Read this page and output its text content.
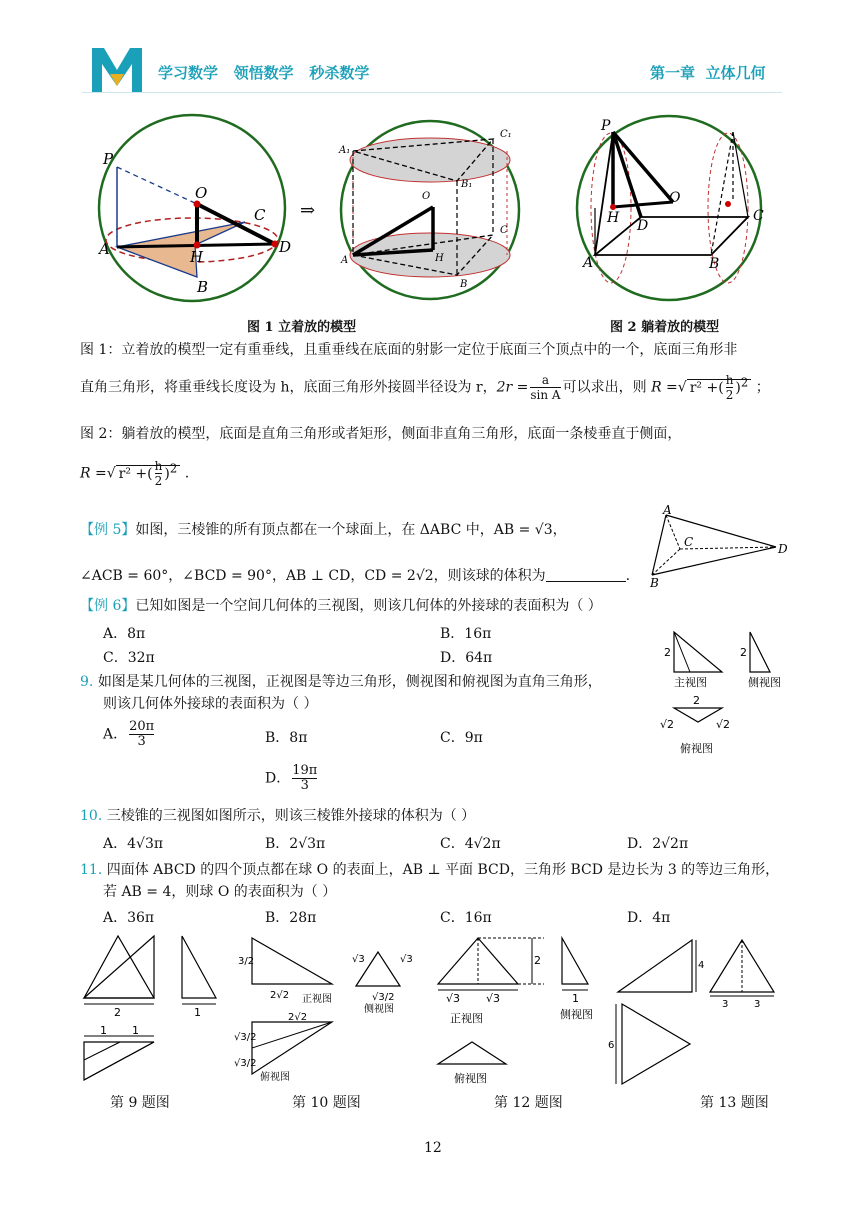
学习数学   领悟数学   秒杀数学	第一章  立体几何
P
O
A	H
C
D
B
⇒
A₁
C₁
B₁
O
A	H
C
B
P
H
O
D
A	B
C
图 1 立着放的模型	图 2 躺着放的模型
图 1：立着放的模型一定有重垂线，且重垂线在底面的射影一定位于底面三个顶点中的一个，底面三角形非
直角三角形，将重垂线长度设为 h，底面三角形外接圆半径设为 r，$2r = \frac{a}{\text{sin A}}$ 可以求出，则 R =√ r² +( $\frac{h}{2} )^2$ ；
图 2：躺着放的模型，底面是直角三角形或者矩形，侧面非直角三角形，底面一条棱垂直于侧面，
R =√ r² +( $\frac{h}{2} )^2$ .
【例 5】如图，三棱锥的所有顶点都在一个球面上，在 ΔABC 中，AB = √3，
∠ACB = 60°，∠BCD = 90°，AB ⊥ CD，CD = 2√2，则该球的体积为	.
A
C	D
B
【例 6】已知如图是一个空间几何体的三视图，则该几何体的外接球的表面积为（ ）
A．8π	B．16π
C．32π	D．64π	2
主视图
2
侧视图
2
√2	√2
俯视图
9. 如图是某几何体的三视图，正视图是等边三角形，侧视图和俯视图为直角三角形，
则该几何体外接球的表面积为（ ）
A． $\frac{20\pi}{3}$	B．8π	C．9π
D． $\frac{19\pi}{3}$
10. 三棱锥的三视图如图所示，则该三棱锥外接球的体积为（ ）
A．4√3π	B．2√3π	C．4√2π	D．2√2π
11. 四面体 ABCD 的四个顶点都在球 O 的表面上，AB ⊥ 平面 BCD，三角形 BCD 是边长为 3 的等边三角形，
若 AB = 4，则球 O 的表面积为（ ）
A．36π	B．28π	C．16π	D．4π
2	1
1 1
3/2
2√2 正视图
√3	√3
√3/2
侧视图
2√2
√3/2
√3/2
俯视图
2
√3 √3
正视图
1
侧视图
俯视图
4
3	3
6
第 9 题图	第 10 题图	第 12 题图	第 13 题图
12
